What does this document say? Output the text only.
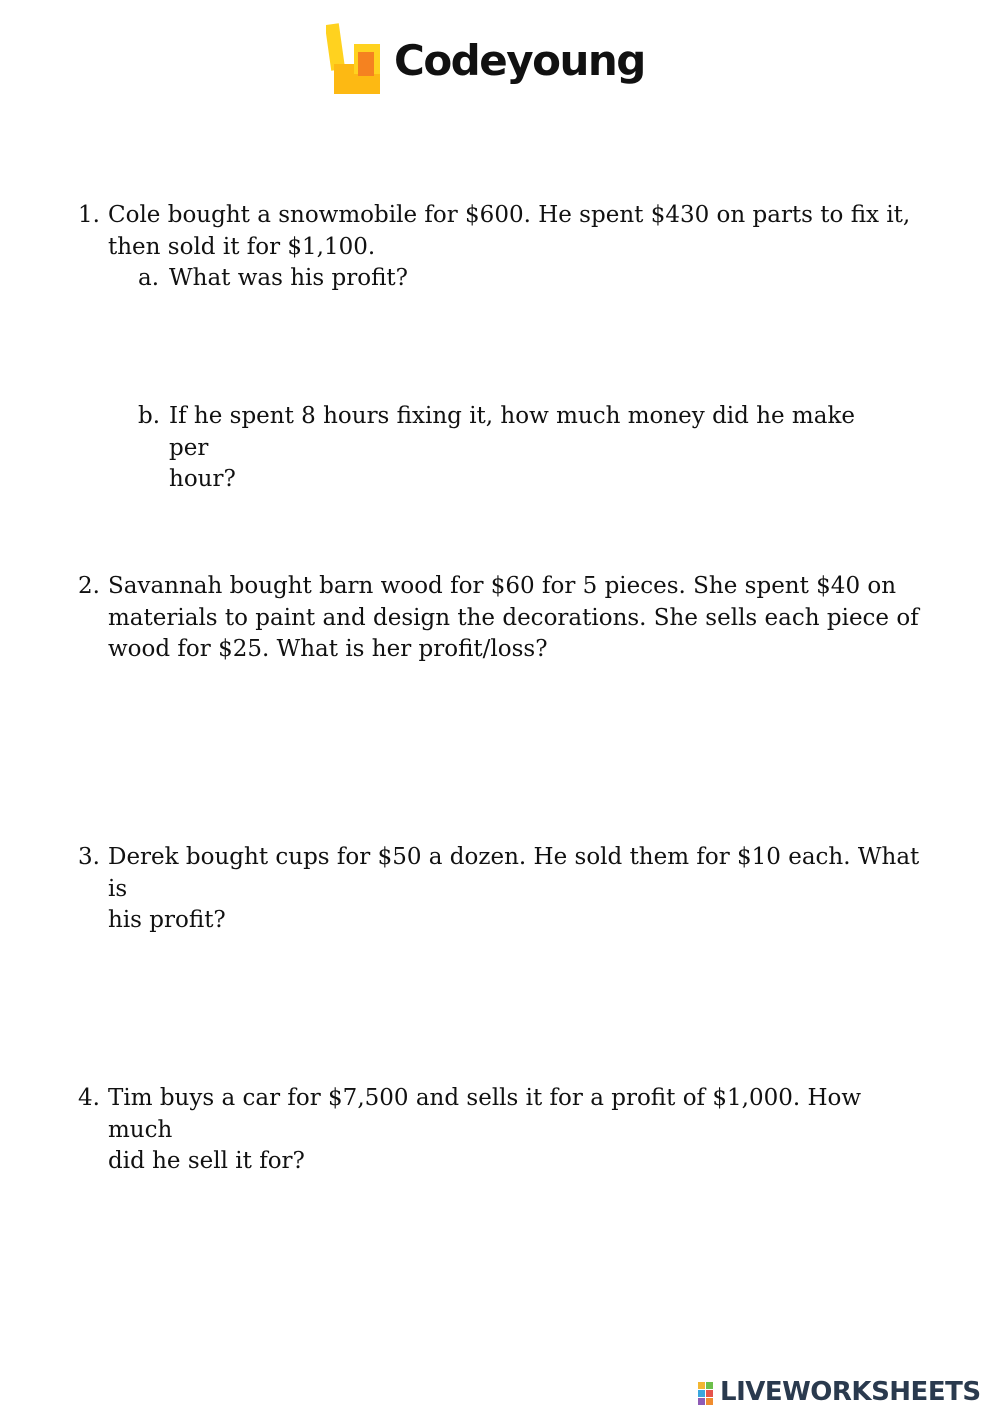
Codeyoung
1. Cole bought a snowmobile for $600. He spent $430 on parts to fix it,
then sold it for $1,100.
a. What was his profit?
b. If he spent 8 hours fixing it, how much money did he make per
hour?
2. Savannah bought barn wood for $60 for 5 pieces. She spent $40 on
materials to paint and design the decorations. She sells each piece of
wood for $25. What is her profit/loss?
3. Derek bought cups for $50 a dozen. He sold them for $10 each. What is
his profit?
4. Tim buys a car for $7,500 and sells it for a profit of $1,000. How much
did he sell it for?
LIVEWORKSHEETS
